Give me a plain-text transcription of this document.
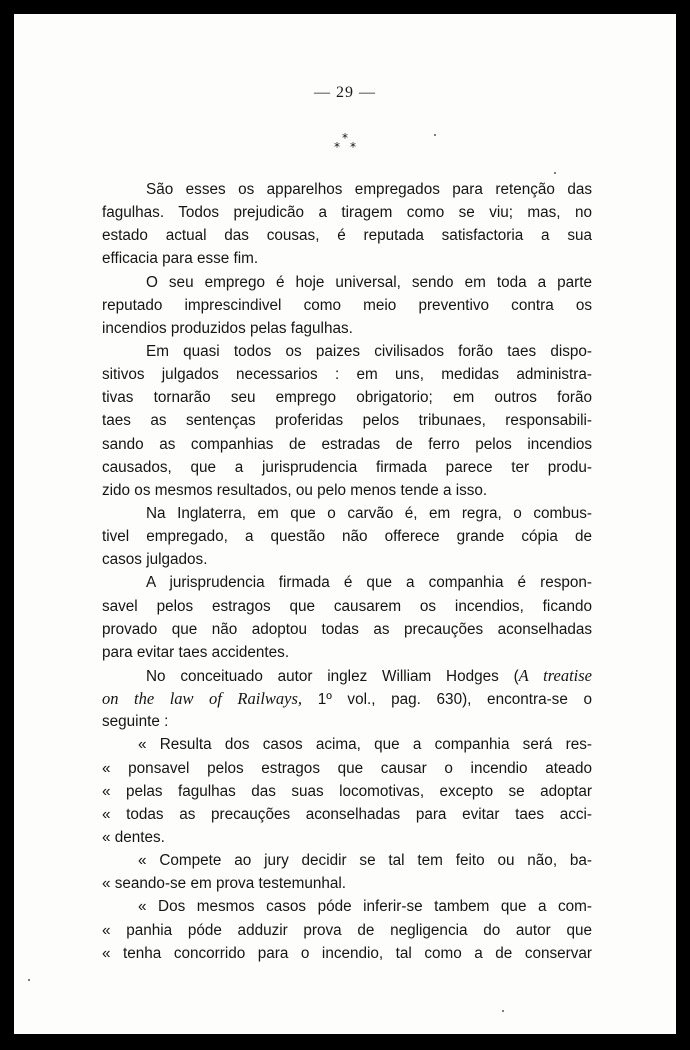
— 29 —
*
* *
São esses os apparelhos empregados para retenção das
fagulhas. Todos prejudicão a tiragem como se viu; mas, no
estado actual das cousas, é reputada satisfactoria a sua
efficacia para esse fim.
O seu emprego é hoje universal, sendo em toda a parte
reputado imprescindivel como meio preventivo contra os
incendios produzidos pelas fagulhas.
Em quasi todos os paizes civilisados forão taes dispo-
sitivos julgados necessarios : em uns, medidas administra-
tivas tornarão seu emprego obrigatorio; em outros forão
taes as sentenças proferidas pelos tribunaes, responsabili-
sando as companhias de estradas de ferro pelos incendios
causados, que a jurisprudencia firmada parece ter produ-
zido os mesmos resultados, ou pelo menos tende a isso.
Na Inglaterra, em que o carvão é, em regra, o combus-
tivel empregado, a questão não offerece grande cópia de
casos julgados.
A jurisprudencia firmada é que a companhia é respon-
savel pelos estragos que causarem os incendios, ficando
provado que não adoptou todas as precauções aconselhadas
para evitar taes accidentes.
No conceituado autor inglez William Hodges (A treatise
on the law of Railways, 1º vol., pag. 630), encontra-se o
seguinte :
« Resulta dos casos acima, que a companhia será res-
« ponsavel pelos estragos que causar o incendio ateado
« pelas fagulhas das suas locomotivas, excepto se adoptar
« todas as precauções aconselhadas para evitar taes acci-
« dentes.
« Compete ao jury decidir se tal tem feito ou não, ba-
« seando-se em prova testemunhal.
« Dos mesmos casos póde inferir-se tambem que a com-
« panhia póde adduzir prova de negligencia do autor que
« tenha concorrido para o incendio, tal como a de conservar
